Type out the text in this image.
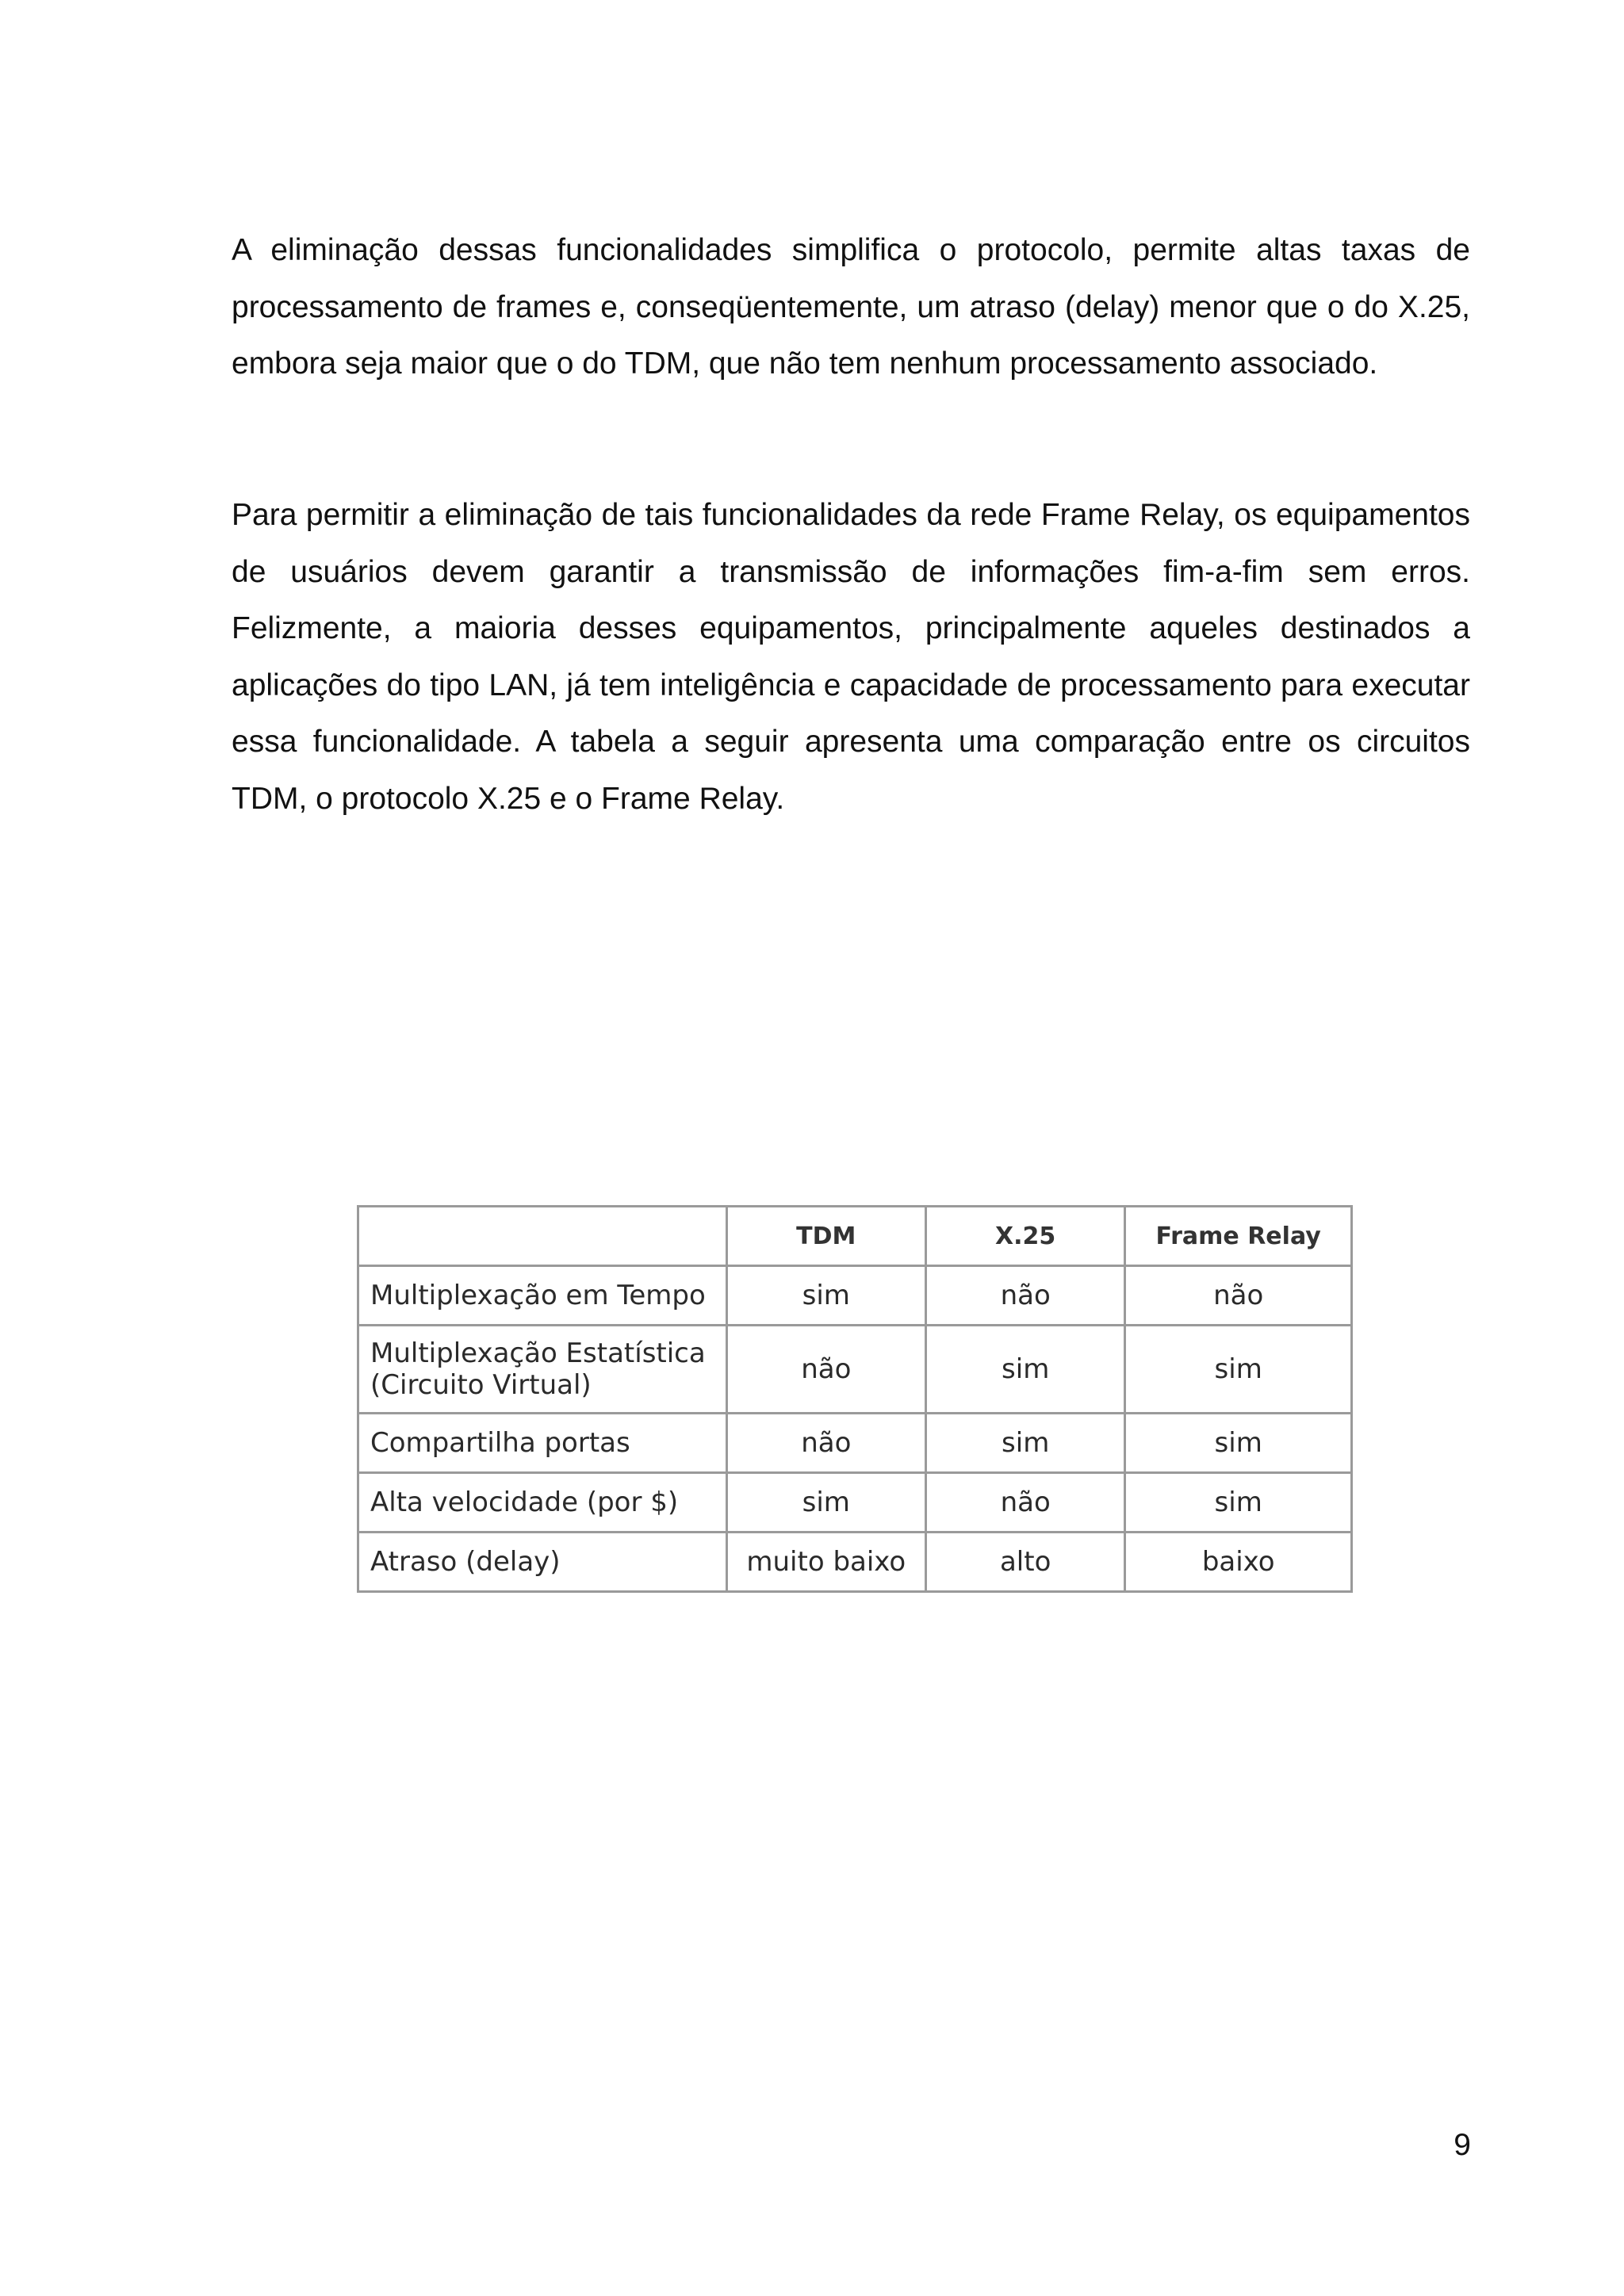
A eliminação dessas funcionalidades simplifica o protocolo, permite altas taxas de processamento de frames e, conseqüentemente, um atraso (delay) menor que o do X.25, embora seja maior que o do TDM, que não tem nenhum processamento associado.

Para permitir a eliminação de tais funcionalidades da rede Frame Relay, os equipamentos de usuários devem garantir a transmissão de informações fim-a-fim sem erros. Felizmente, a maioria desses equipamentos, principalmente aqueles destinados a aplicações do tipo LAN, já tem inteligência e capacidade de processamento para executar essa funcionalidade. A tabela a seguir apresenta uma comparação entre os circuitos TDM, o protocolo X.25 e o Frame Relay.

	TDM	X.25	Frame Relay
Multiplexação em Tempo	sim	não	não
Multiplexação Estatística
(Circuito Virtual)	não	sim	sim
Compartilha portas	não	sim	sim
Alta velocidade (por $)	sim	não	sim
Atraso (delay)	muito baixo	alto	baixo

9
